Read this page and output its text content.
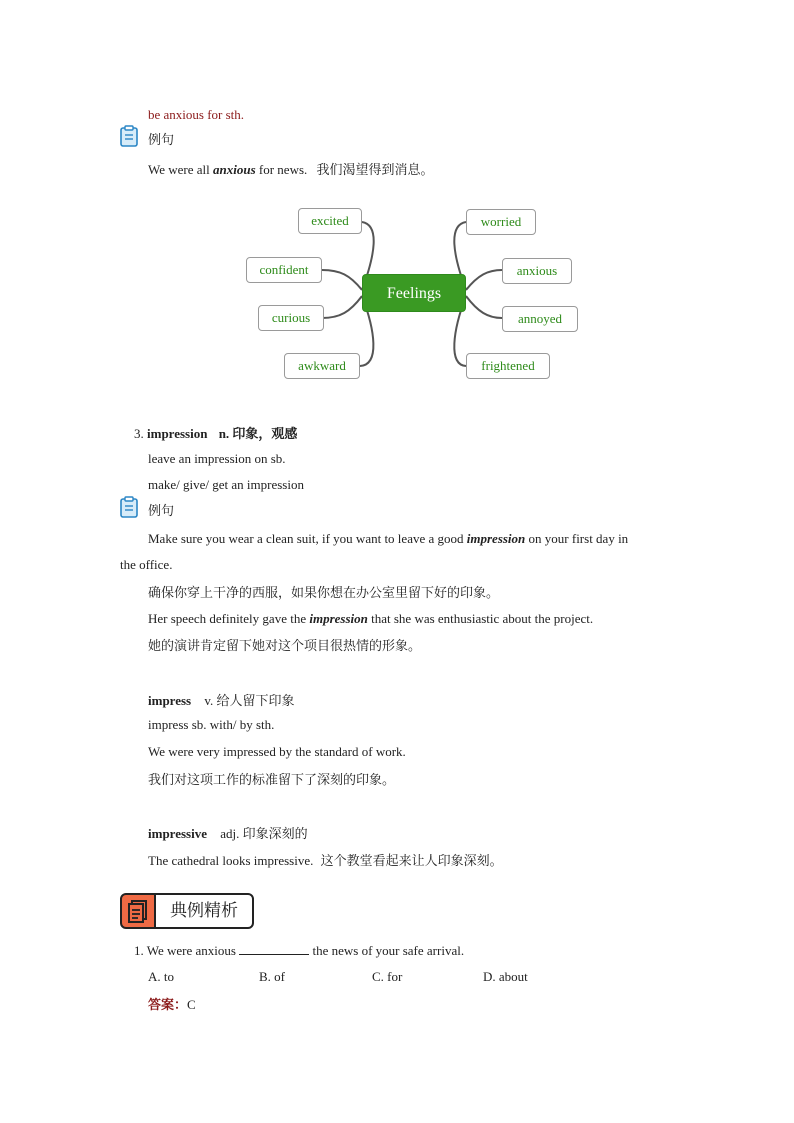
be anxious for sth.
例句
We were all anxious for news. 我们渴望得到消息。
Feelings
excited
confident
curious
awkward
worried
anxious
annoyed
frightened
3. impression n. 印象，观感
leave an impression on sb.
make/ give/ get an impression
例句
Make sure you wear a clean suit, if you want to leave a good impression on your first day in
the office.
确保你穿上干净的西服，如果你想在办公室里留下好的印象。
Her speech definitely gave the impression that she was enthusiastic about the project.
她的演讲肯定留下她对这个项目很热情的形象。
impress v. 给人留下印象
impress sb. with/ by sth.
We were very impressed by the standard of work.
我们对这项工作的标准留下了深刻的印象。
impressive adj. 印象深刻的
The cathedral looks impressive. 这个教堂看起来让人印象深刻。
典例精析
1. We were anxious	the news of your safe arrival.
A. to	B. of	C. for	D. about
答案：C
